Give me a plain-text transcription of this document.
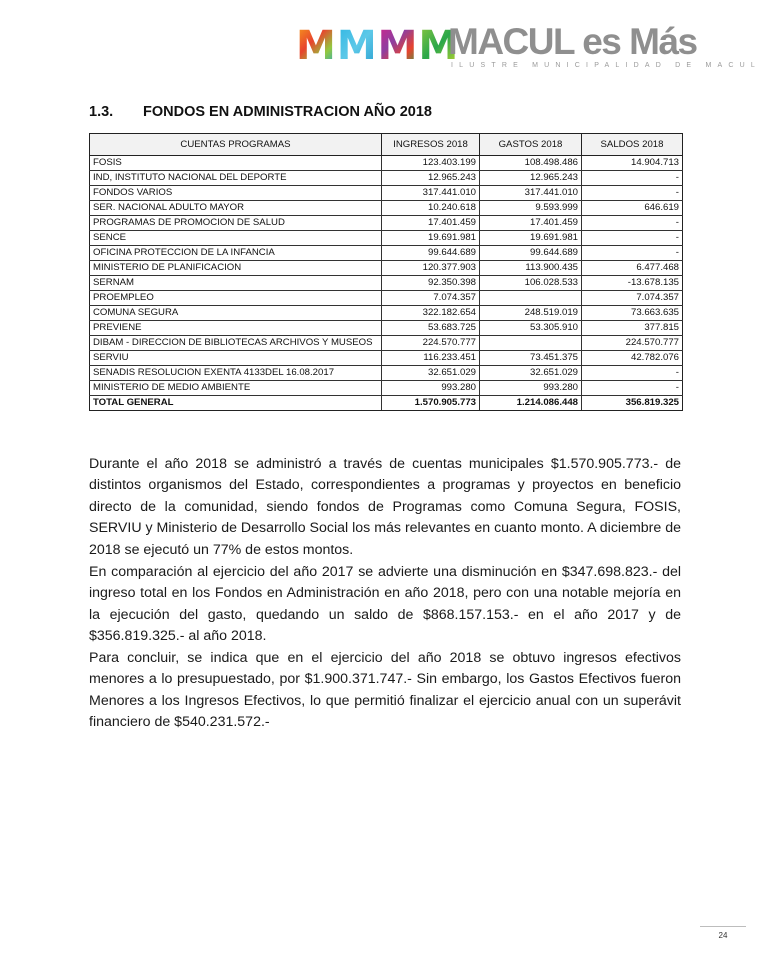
M M M M
MACUL es Más
ILUSTRE MUNICIPALIDAD DE MACUL
1.3. FONDOS EN ADMINISTRACION AÑO 2018
CUENTAS PROGRAMAS	INGRESOS 2018	GASTOS 2018	SALDOS 2018
FOSIS	123.403.199	108.498.486	14.904.713
IND, INSTITUTO NACIONAL DEL DEPORTE	12.965.243	12.965.243	-
FONDOS VARIOS	317.441.010	317.441.010	-
SER. NACIONAL ADULTO MAYOR	10.240.618	9.593.999	646.619
PROGRAMAS DE PROMOCION DE SALUD	17.401.459	17.401.459	-
SENCE	19.691.981	19.691.981	-
OFICINA PROTECCION DE LA INFANCIA	99.644.689	99.644.689	-
MINISTERIO DE PLANIFICACION	120.377.903	113.900.435	6.477.468
SERNAM	92.350.398	106.028.533	-13.678.135
PROEMPLEO	7.074.357		7.074.357
COMUNA SEGURA	322.182.654	248.519.019	73.663.635
PREVIENE	53.683.725	53.305.910	377.815
DIBAM - DIRECCION DE BIBLIOTECAS ARCHIVOS Y MUSEOS	224.570.777		224.570.777
SERVIU	116.233.451	73.451.375	42.782.076
SENADIS RESOLUCION EXENTA 4133DEL 16.08.2017	32.651.029	32.651.029	-
MINISTERIO DE MEDIO AMBIENTE	993.280	993.280	-
TOTAL GENERAL	1.570.905.773	1.214.086.448	356.819.325

Durante el año 2018 se administró a través de cuentas municipales $1.570.905.773.- de distintos organismos del Estado, correspondientes a programas y proyectos en beneficio directo de la comunidad, siendo fondos de Programas como Comuna Segura, FOSIS, SERVIU y Ministerio de Desarrollo Social los más relevantes en cuanto monto. A diciembre de 2018 se ejecutó un 77% de estos montos.

En comparación al ejercicio del año 2017 se advierte una disminución en $347.698.823.- del ingreso total en los Fondos en Administración en año 2018, pero con una notable mejoría en la ejecución del gasto, quedando un saldo de $868.157.153.- en el año 2017 y de $356.819.325.- al año 2018.

Para concluir, se indica que en el ejercicio del año 2018 se obtuvo ingresos efectivos menores a lo presupuestado, por $1.900.371.747.- Sin embargo, los Gastos Efectivos fueron Menores a los Ingresos Efectivos, lo que permitió finalizar el ejercicio anual con un superávit financiero de $540.231.572.-

24
